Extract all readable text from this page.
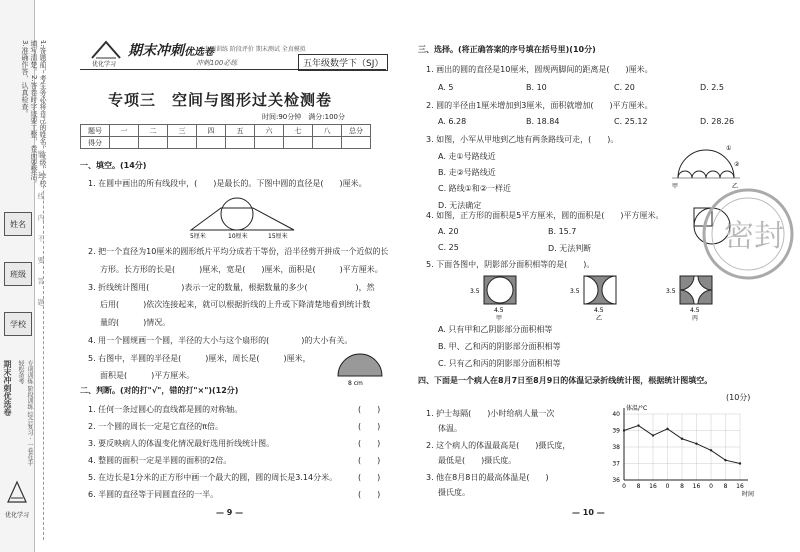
1.答题前，考生务必将自己的姓名、班级、学校填写清楚。2.答卷时字迹要工整，卷面要整洁。3.准确作答，认真检查。
姓名
班级
学校
期末冲刺优选卷	专项训练 阶段训练 综合复习 · 一卷在手 轻松备考
优化学习
密 封 线 内 不 要 答 题
优化学习
期末冲刺优选卷
专项训练 阶段评价 期末测试 全真模拟
五年级数学下（SJ）
冲刺100必练
专项三　空间与图形过关检测卷
时间:90分钟　满分:100分
题号	一	二	三	四	五	六	七	八	总分
得分									
一、填空。(14分)
1. 在圆中画出的所有线段中，(　　)是最长的。下图中圆的直径是(　　)厘米。
5厘米	10厘米	15厘米
2. 把一个直径为10厘米的圆形纸片平均分成若干等份，沿半径剪开拼成一个近似的长
方形。长方形的长是(　　　)厘米，宽是(　　)厘米，面积是(　　　)平方厘米。
3. 折线统计图用(　　　　)表示一定的数量，根据数量的多少(　　　　　　)，然
后用(　　　)依次连接起来，就可以根据折线的上升或下降清楚地看到统计数
量的(　　　)情况。
4. 用一个圆规画一个圆，半径的大小与这个扇形的(　　　　)的大小有关。
5. 右图中，半圆的半径是(　　　)厘米，周长是(　　　)厘米，
面积是(　　　)平方厘米。
8 cm
二、判断。(对的打"√"，错的打"×")(12分)
1. 任何一条过圆心的直线都是圆的对称轴。	(　　)
2. 一个圆的周长一定是它直径的π倍。	(　　)
3. 要反映病人的体温变化情况最好选用折线统计图。	(　　)
4. 整圆的面积一定是半圆的面积的2倍。	(　　)
5. 在边长是1分米的正方形中画一个最大的圆，圆的周长是3.14分米。	(　　)
6. 半圆的直径等于同圆直径的一半。	(　　)
— 9 —
三、选择。(将正确答案的序号填在括号里)(10分)
1. 画出的圆的直径是10厘米，圆规两脚间的距离是(　　)厘米。
A. 5	B. 10	C. 20	D. 2.5
2. 圆的半径由1厘米增加到3厘米，面积就增加(　　)平方厘米。
A. 6.28	B. 18.84	C. 25.12	D. 28.26
3. 如图，小军从甲地到乙地有两条路线可走，(　　)。
A. 走①号路线近
B. 走②号路线近
C. 路线①和②一样近
D. 无法确定
甲	乙
①
②
4. 如图，正方形的面积是5平方厘米，圆的面积是(　　)平方厘米。
A. 20	B. 15.7
C. 25	D. 无法判断
5. 下面各图中，阴影部分面积相等的是(　　)。
3.5
4.5
甲
3.5
4.5
乙
3.5
4.5
丙
A. 只有甲和乙阴影部分面积相等
B. 甲、乙和丙的阴影部分面积相等
C. 只有乙和丙的阴影部分面积相等
四、下面是一个病人在8月7日至8月9日的体温记录折线统计图，根据统计图填空。
(10分)
1. 护士每隔(　　)小时给病人量一次
体温。
2. 这个病人的体温最高是(　　)摄氏度，
最低是(　　)摄氏度。
3. 他在8月8日的最高体温是(　　)
摄氏度。
36
37
38
39
40
0 8 16 0 8 16 0 8 16
体温/°C
时间
— 10 —
密封
